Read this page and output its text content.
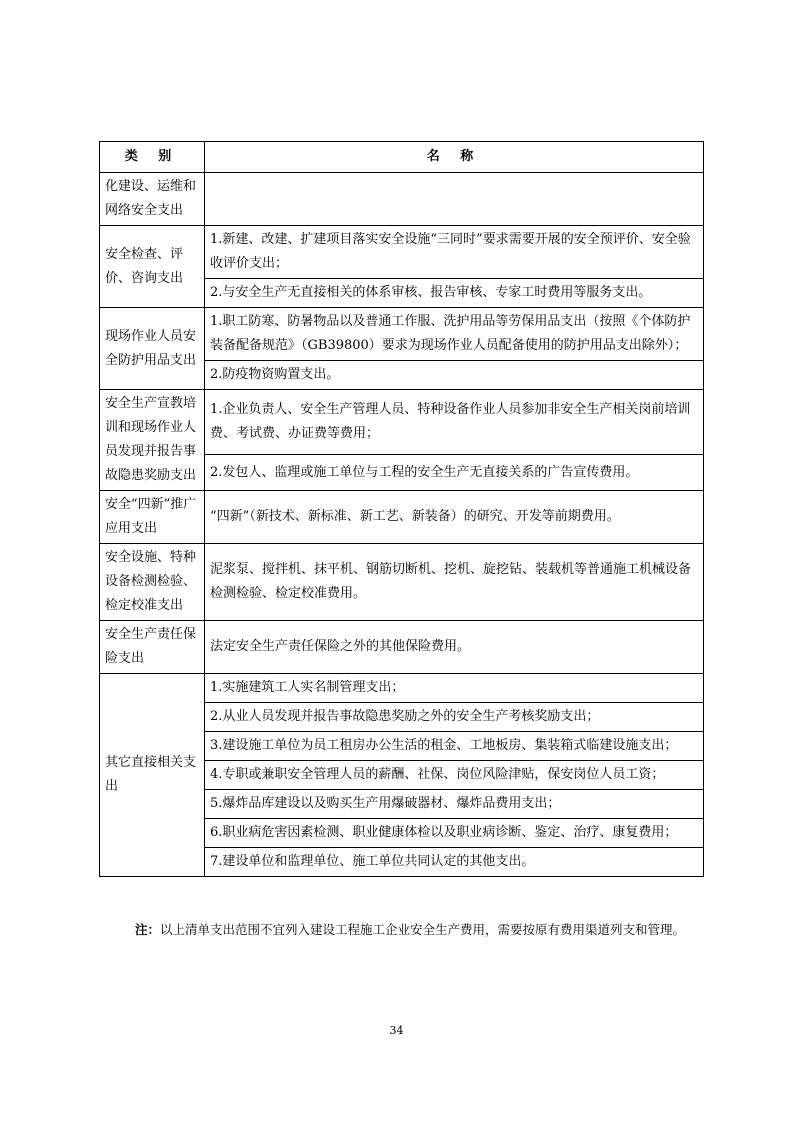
类 别	名 称
化建设、运维和网络安全支出	
安全检查、评价、咨询支出	1.新建、改建、扩建项目落实安全设施“三同时”要求需要开展的安全预评价、安全验收评价支出；
	2.与安全生产无直接相关的体系审核、报告审核、专家工时费用等服务支出。
现场作业人员安全防护用品支出	1.职工防寒、防暑物品以及普通工作服、洗护用品等劳保用品支出（按照《个体防护装备配备规范》（GB39800）要求为现场作业人员配备使用的防护用品支出除外）；
	2.防疫物资购置支出。
安全生产宣教培训和现场作业人员发现并报告事故隐患奖励支出	1.企业负责人、安全生产管理人员、特种设备作业人员参加非安全生产相关岗前培训费、考试费、办证费等费用；
	2.发包人、监理或施工单位与工程的安全生产无直接关系的广告宣传费用。
安全“四新”推广应用支出	“四新”（新技术、新标准、新工艺、新装备）的研究、开发等前期费用。
安全设施、特种设备检测检验、检定校准支出	泥浆泵、搅拌机、抹平机、钢筋切断机、挖机、旋挖钻、装载机等普通施工机械设备检测检验、检定校准费用。
安全生产责任保险支出	法定安全生产责任保险之外的其他保险费用。
其它直接相关支出	1.实施建筑工人实名制管理支出；
	2.从业人员发现并报告事故隐患奖励之外的安全生产考核奖励支出；
	3.建设施工单位为员工租房办公生活的租金、工地板房、集装箱式临建设施支出；
	4.专职或兼职安全管理人员的薪酬、社保、岗位风险津贴，保安岗位人员工资；
	5.爆炸品库建设以及购买生产用爆破器材、爆炸品费用支出；
	6.职业病危害因素检测、职业健康体检以及职业病诊断、鉴定、治疗、康复费用；
	7.建设单位和监理单位、施工单位共同认定的其他支出。
注：以上清单支出范围不宜列入建设工程施工企业安全生产费用，需要按原有费用渠道列支和管理。
34
